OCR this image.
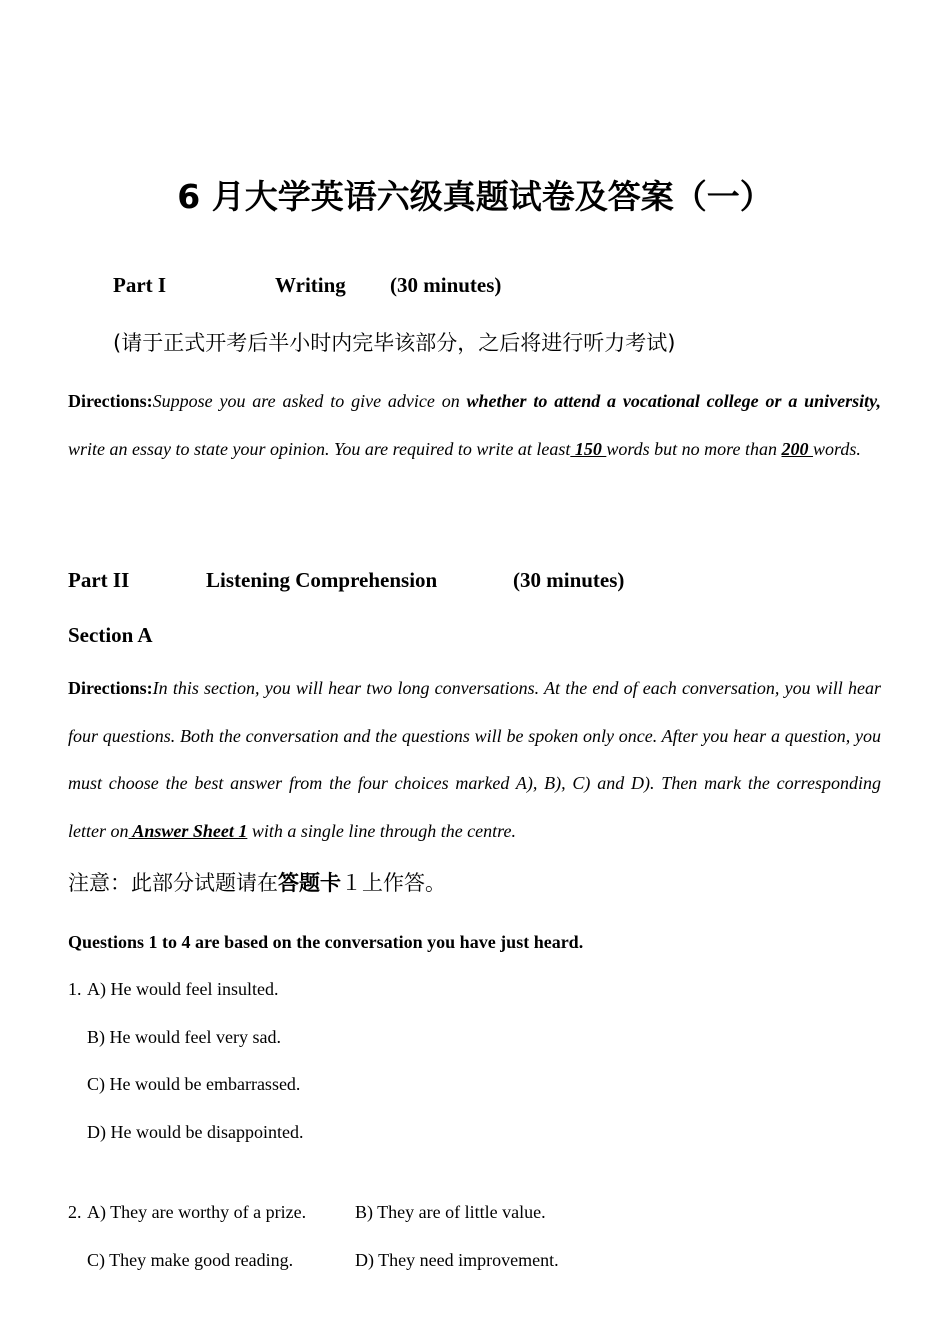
6 月大学英语六级真题试卷及答案（一）
Part I	Writing (30 minutes)
(请于正式开考后半小时内完毕该部分，之后将进行听力考试)
Directions:Suppose you are asked to give advice on whether to attend a vocational college or a university, write an essay to state your opinion. You are required to write at least 150 words but no more than 200 words.
Part II	Listening Comprehension	(30 minutes)
Section A
Directions:In this section, you will hear two long conversations. At the end of each conversation, you will hear four questions. Both the conversation and the questions will be spoken only once. After you hear a question, you must choose the best answer from the four choices marked A), B), C) and D). Then mark the corresponding letter on Answer Sheet 1 with a single line through the centre.
注意：此部分试题请在答题卡１上作答。
Questions 1 to 4 are based on the conversation you have just heard.
1. A) He would feel insulted.
B) He would feel very sad.
C) He would be embarrassed.
D) He would be disappointed.
2. A) They are worthy of a prize.	B) They are of little value.
C) They make good reading.	D) They need improvement.
